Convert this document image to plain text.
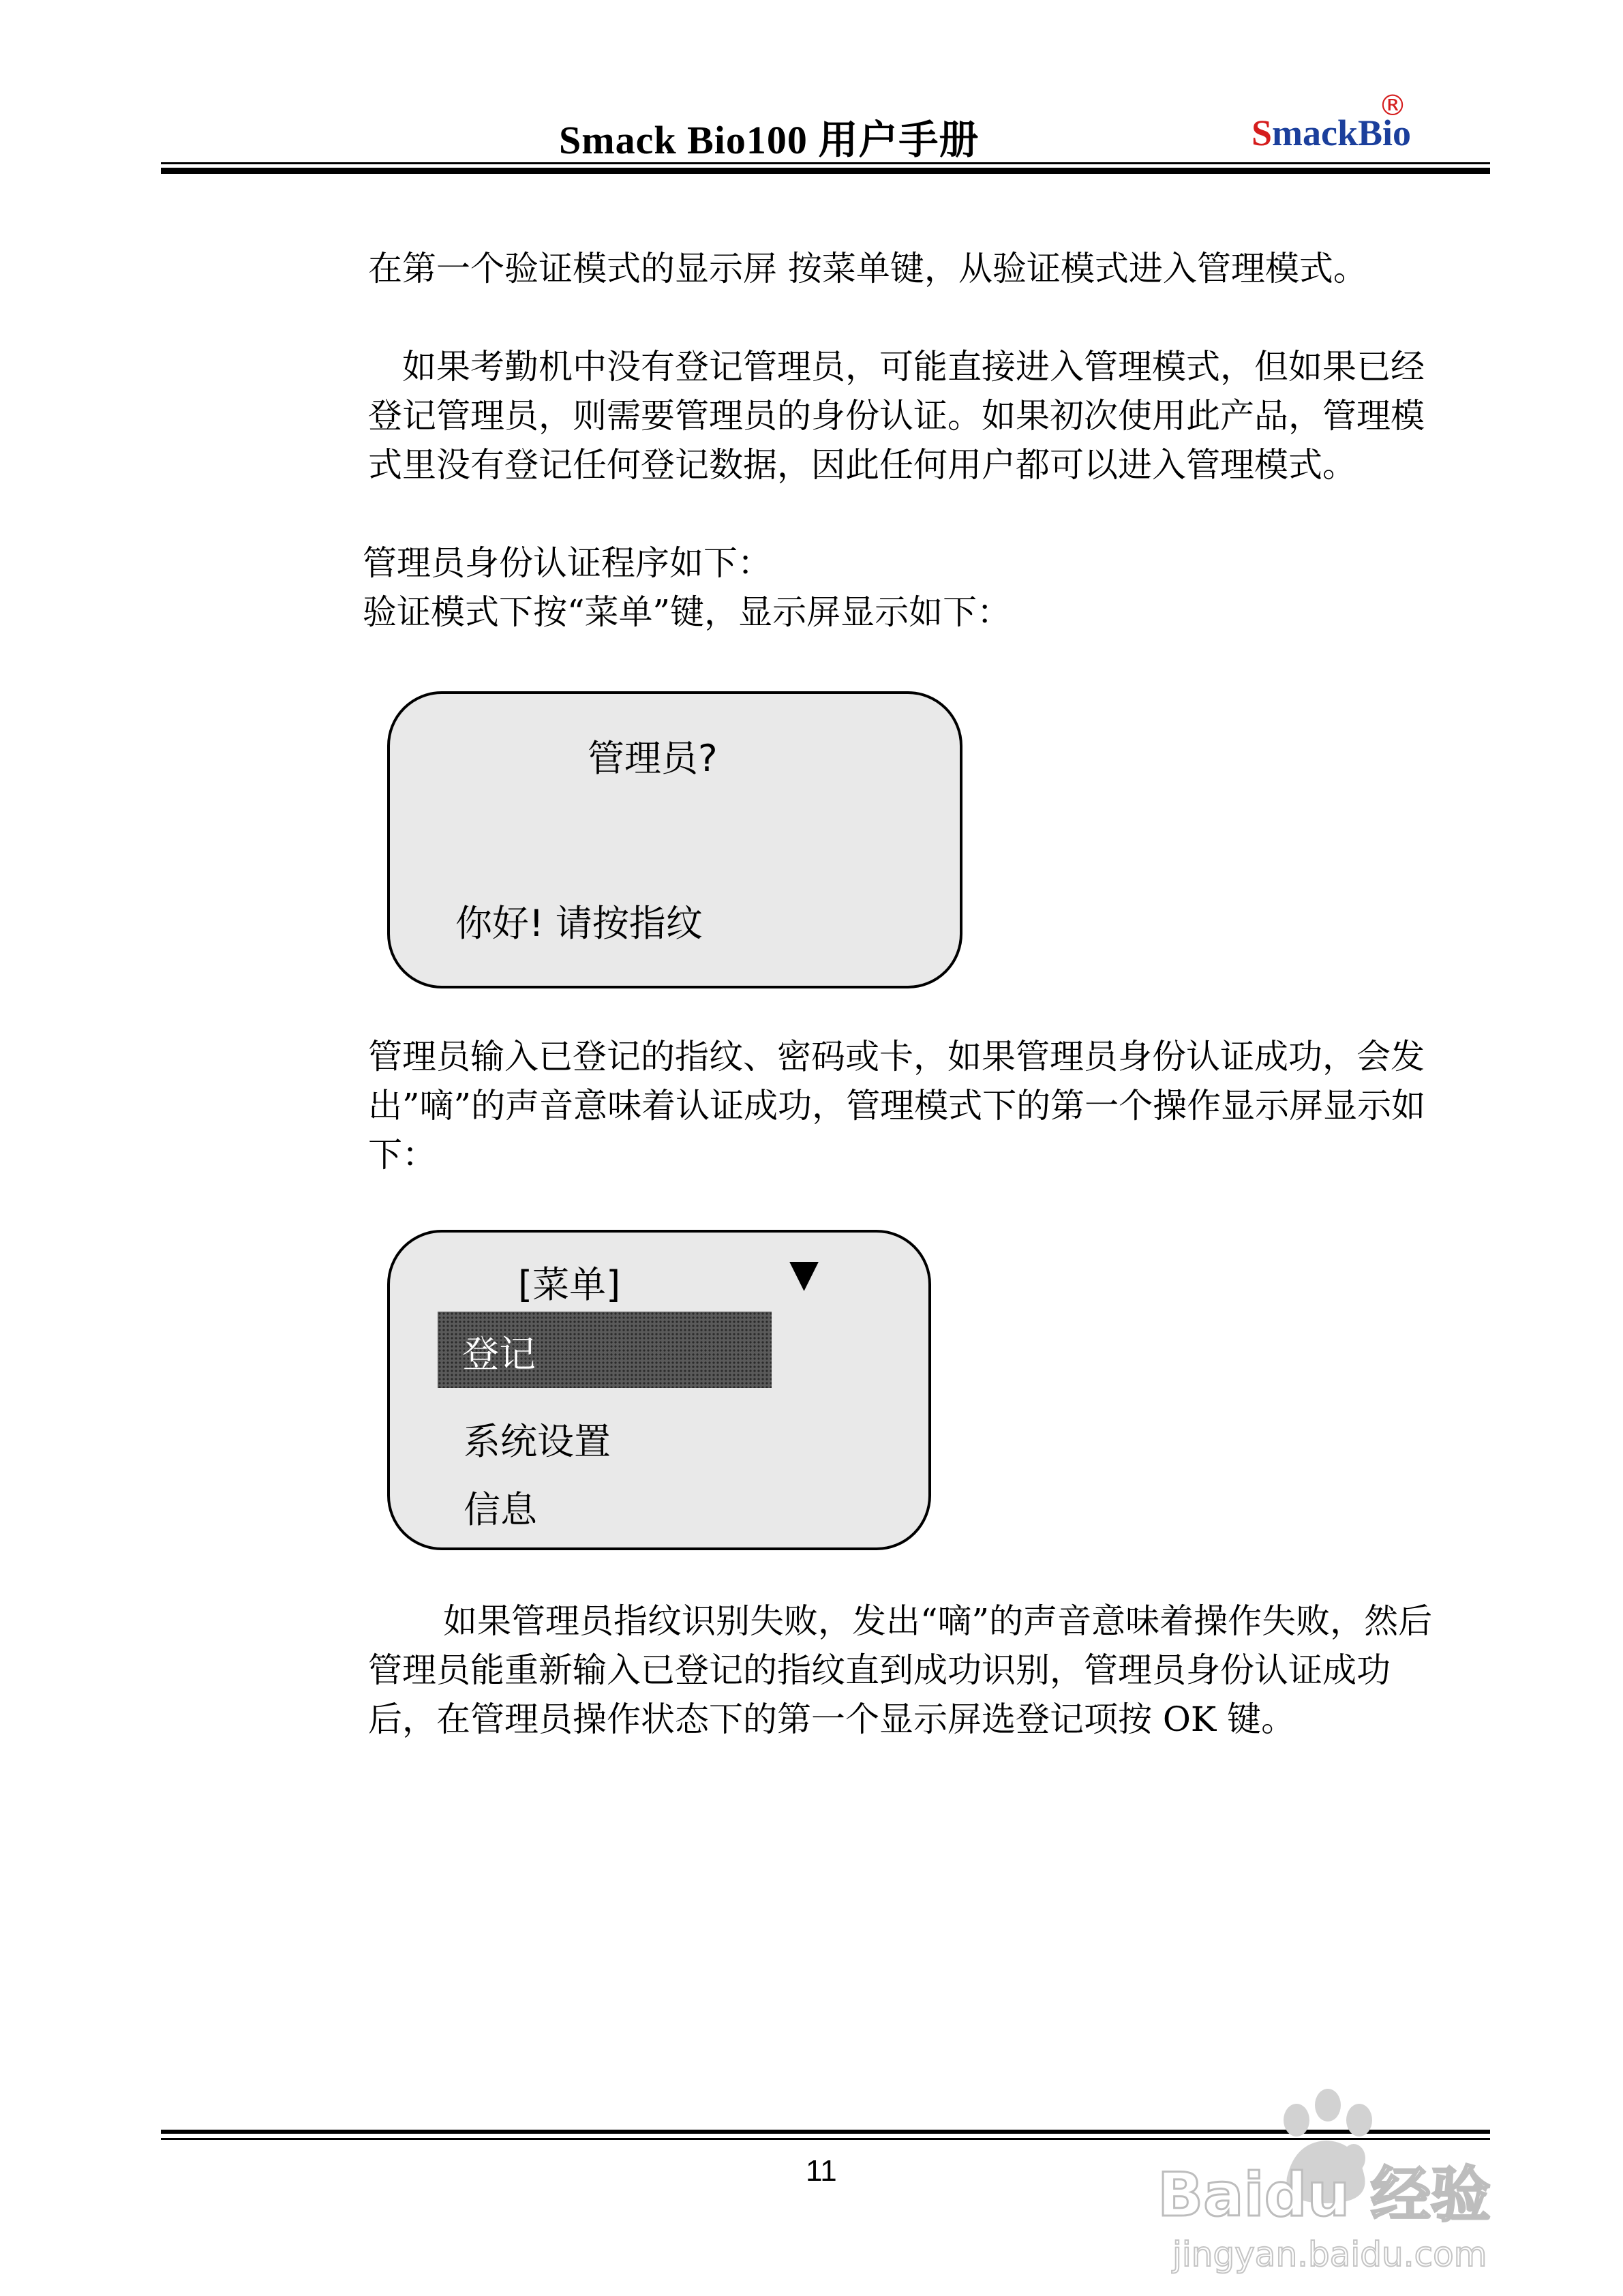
Smack Bio100 用户手册	SmackBio
®
在第一个验证模式的显示屏 按菜单键，从验证模式进入管理模式。
如果考勤机中没有登记管理员，可能直接进入管理模式，但如果已经登记管理员，则需要管理员的身份认证。如果初次使用此产品，管理模式里没有登记任何登记数据，因此任何用户都可以进入管理模式。
管理员身份认证程序如下：
验证模式下按“菜单”键，显示屏显示如下：
管理员?
你好! 请按指纹
管理员输入已登记的指纹、密码或卡，如果管理员身份认证成功，会发出”嘀”的声音意味着认证成功，管理模式下的第一个操作显示屏显示如下：
[菜单]	▼
登记
系统设置
信息
如果管理员指纹识别失败，发出“嘀”的声音意味着操作失败，然后管理员能重新输入已登记的指纹直到成功识别，管理员身份认证成功后，在管理员操作状态下的第一个显示屏选登记项按 OK 键。
11	Baidu 经验
jingyan.baidu.com
